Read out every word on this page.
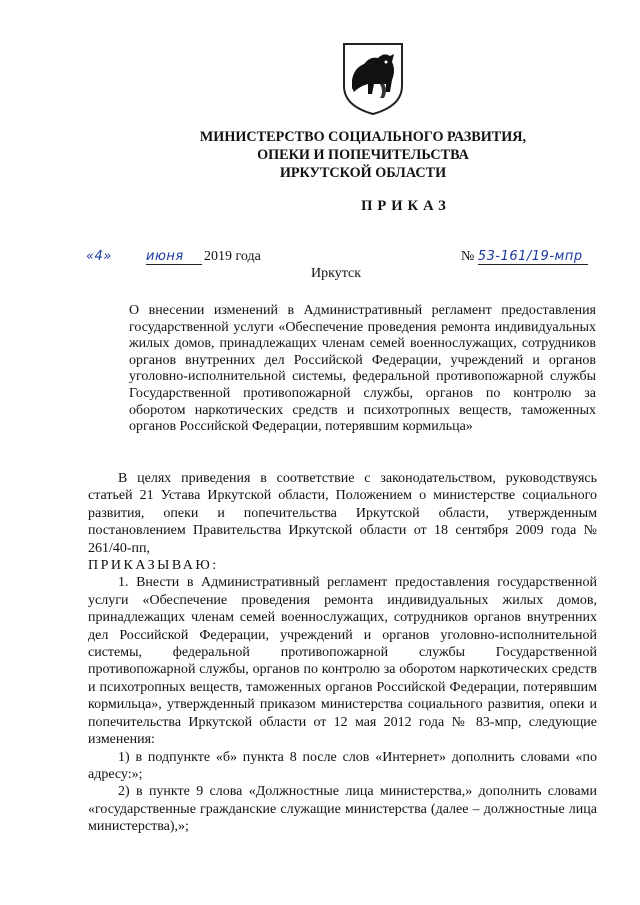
МИНИСТЕРСТВО СОЦИАЛЬНОГО РАЗВИТИЯ,
ОПЕКИ И ПОПЕЧИТЕЛЬСТВА
ИРКУТСКОЙ ОБЛАСТИ
ПРИКАЗ
«4»	июня 2019 года	№ 53-161/19-мпр
Иркутск
О внесении изменений в Административный регламент предоставления государственной услуги «Обеспечение проведения ремонта индивидуальных жилых домов, принадлежащих членам семей военнослужащих, сотрудников органов внутренних дел Российской Федерации, учреждений и органов уголовно-исполнительной системы, федеральной противопожарной службы Государственной противопожарной службы, органов по контролю за оборотом наркотических средств и психотропных веществ, таможенных органов Российской Федерации, потерявшим кормильца»

В целях приведения в соответствие с законодательством, руководствуясь статьей 21 Устава Иркутской области, Положением о министерстве социального развития, опеки и попечительства Иркутской области, утвержденным постановлением Правительства Иркутской области от 18 сентября 2009 года № 261/40-пп,

ПРИКАЗЫВАЮ:

1. Внести в Административный регламент предоставления государственной услуги «Обеспечение проведения ремонта индивидуальных жилых домов, принадлежащих членам семей военнослужащих, сотрудников органов внутренних дел Российской Федерации, учреждений и органов уголовно-исполнительной системы, федеральной противопожарной службы Государственной противопожарной службы, органов по контролю за оборотом наркотических средств и психотропных веществ, таможенных органов Российской Федерации, потерявшим кормильца», утвержденный приказом министерства социального развития, опеки и попечительства Иркутской области от 12 мая 2012 года № 83-мпр, следующие изменения:

1) в подпункте «б» пункта 8 после слов «Интернет» дополнить словами «по адресу:»;

2) в пункте 9 слова «Должностные лица министерства,» дополнить словами «государственные гражданские служащие министерства (далее – должностные лица министерства),»;
